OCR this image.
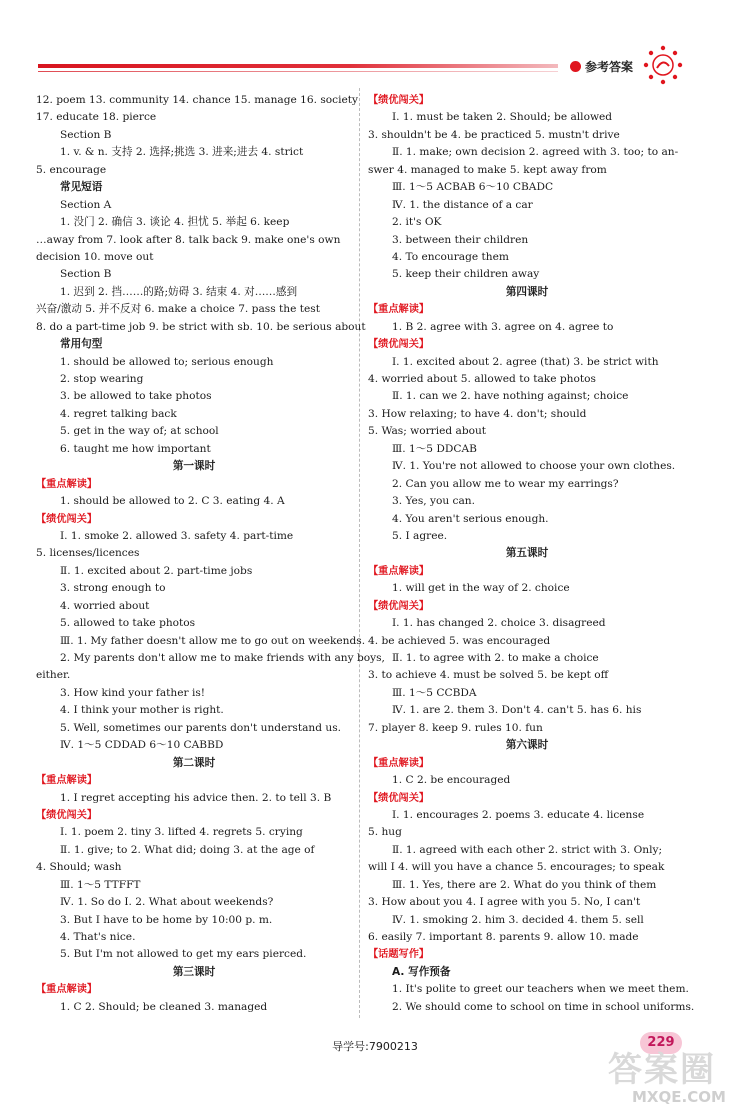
参考答案
12. poem 13. community 14. chance 15. manage 16. society
17. educate 18. pierce
Section B
1. v. & n. 支持 2. 选择;挑选 3. 进来;进去 4. strict
5. encourage
常见短语
Section A
1. 没门 2. 确信 3. 谈论 4. 担忧 5. 举起 6. keep
…away from 7. look after 8. talk back 9. make one's own
decision 10. move out
Section B
1. 迟到 2. 挡……的路;妨碍 3. 结束 4. 对……感到
兴奋/激动 5. 并不反对 6. make a choice 7. pass the test
8. do a part-time job 9. be strict with sb. 10. be serious about
常用句型
1. should be allowed to; serious enough
2. stop wearing
3. be allowed to take photos
4. regret talking back
5. get in the way of; at school
6. taught me how important
第一课时
【重点解读】
1. should be allowed to 2. C 3. eating 4. A
【绩优闯关】
Ⅰ. 1. smoke 2. allowed 3. safety 4. part-time
5. licenses/licences
Ⅱ. 1. excited about 2. part-time jobs
3. strong enough to
4. worried about
5. allowed to take photos
Ⅲ. 1. My father doesn't allow me to go out on weekends.
2. My parents don't allow me to make friends with any boys,
either.
3. How kind your father is!
4. I think your mother is right.
5. Well, sometimes our parents don't understand us.
Ⅳ. 1～5 CDDAD 6～10 CABBD
第二课时
【重点解读】
1. I regret accepting his advice then. 2. to tell 3. B
【绩优闯关】
Ⅰ. 1. poem 2. tiny 3. lifted 4. regrets 5. crying
Ⅱ. 1. give; to 2. What did; doing 3. at the age of
4. Should; wash
Ⅲ. 1～5 TTFFT
Ⅳ. 1. So do I. 2. What about weekends?
3. But I have to be home by 10:00 p. m.
4. That's nice.
5. But I'm not allowed to get my ears pierced.
第三课时
【重点解读】
1. C 2. Should; be cleaned 3. managed
【绩优闯关】
Ⅰ. 1. must be taken 2. Should; be allowed
3. shouldn't be 4. be practiced 5. mustn't drive
Ⅱ. 1. make; own decision 2. agreed with 3. too; to an-
swer 4. managed to make 5. kept away from
Ⅲ. 1～5 ACBAB 6～10 CBADC
Ⅳ. 1. the distance of a car
2. it's OK
3. between their children
4. To encourage them
5. keep their children away
第四课时
【重点解读】
1. B 2. agree with 3. agree on 4. agree to
【绩优闯关】
Ⅰ. 1. excited about 2. agree (that) 3. be strict with
4. worried about 5. allowed to take photos
Ⅱ. 1. can we 2. have nothing against; choice
3. How relaxing; to have 4. don't; should
5. Was; worried about
Ⅲ. 1～5 DDCAB
Ⅳ. 1. You're not allowed to choose your own clothes.
2. Can you allow me to wear my earrings?
3. Yes, you can.
4. You aren't serious enough.
5. I agree.
第五课时
【重点解读】
1. will get in the way of 2. choice
【绩优闯关】
Ⅰ. 1. has changed 2. choice 3. disagreed
4. be achieved 5. was encouraged
Ⅱ. 1. to agree with 2. to make a choice
3. to achieve 4. must be solved 5. be kept off
Ⅲ. 1～5 CCBDA
Ⅳ. 1. are 2. them 3. Don't 4. can't 5. has 6. his
7. player 8. keep 9. rules 10. fun
第六课时
【重点解读】
1. C 2. be encouraged
【绩优闯关】
Ⅰ. 1. encourages 2. poems 3. educate 4. license
5. hug
Ⅱ. 1. agreed with each other 2. strict with 3. Only;
will I 4. will you have a chance 5. encourages; to speak
Ⅲ. 1. Yes, there are 2. What do you think of them
3. How about you 4. I agree with you 5. No, I can't
Ⅳ. 1. smoking 2. him 3. decided 4. them 5. sell
6. easily 7. important 8. parents 9. allow 10. made
【话题写作】
A. 写作预备
1. It's polite to greet our teachers when we meet them.
2. We should come to school on time in school uniforms.
导学号:7900213	229
答案圈
MXQE.COM
